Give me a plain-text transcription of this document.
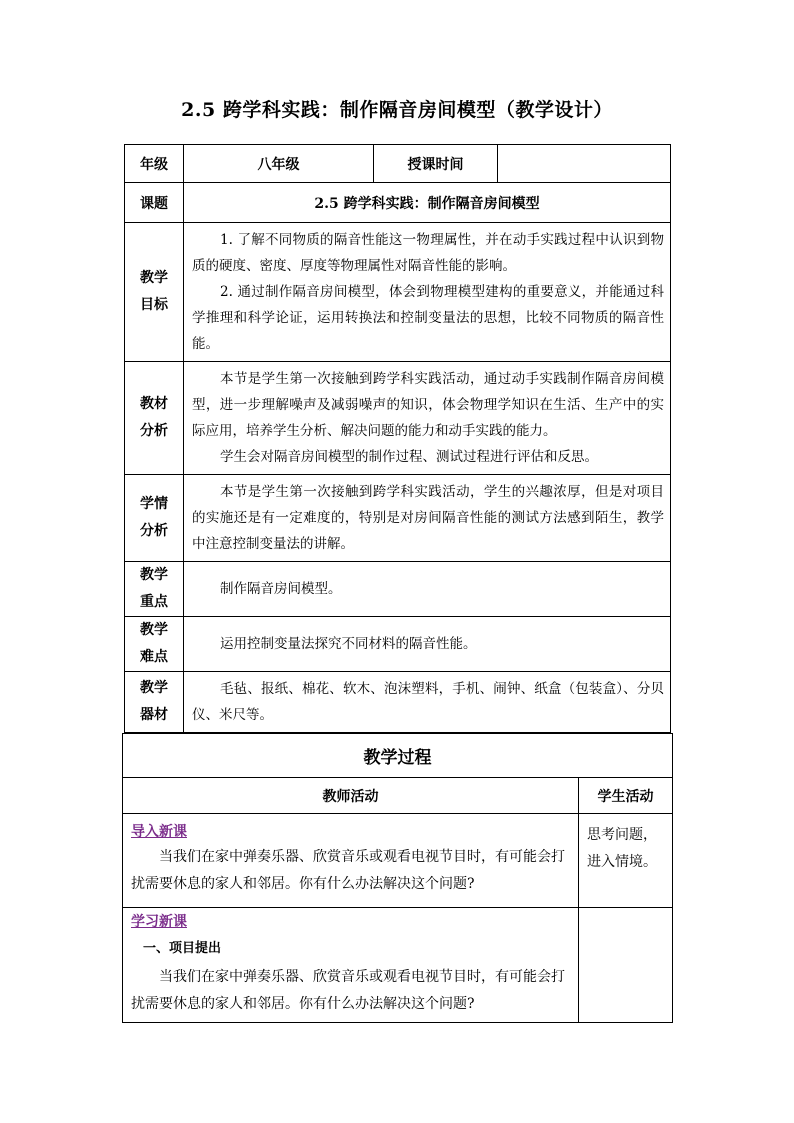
2.5 跨学科实践：制作隔音房间模型（教学设计）
年级	八年级	授课时间	
课题	2.5 跨学科实践：制作隔音房间模型		

教学目标	1. 了解不同物质的隔音性能这一物理属性，并在动手实践过程中认识到物质的硬度、密度、厚度等物理属性对隔音性能的影响。
2. 通过制作隔音房间模型，体会到物理模型建构的重要意义，并能通过科学推理和科学论证，运用转换法和控制变量法的思想，比较不同物质的隔音性能。		

教材分析	本节是学生第一次接触到跨学科实践活动，通过动手实践制作隔音房间模型，进一步理解噪声及减弱噪声的知识，体会物理学知识在生活、生产中的实际应用，培养学生分析、解决问题的能力和动手实践的能力。
学生会对隔音房间模型的制作过程、测试过程进行评估和反思。		

学情分析	本节是学生第一次接触到跨学科实践活动，学生的兴趣浓厚，但是对项目的实施还是有一定难度的，特别是对房间隔音性能的测试方法感到陌生，教学中注意控制变量法的讲解。		

教学重点	制作隔音房间模型。		

教学难点	运用控制变量法探究不同材料的隔音性能。		

教学器材	毛毡、报纸、棉花、软木、泡沫塑料，手机、闹钟、纸盒（包装盒）、分贝仪、米尺等。		
教学过程	
教师活动	学生活动

导入新课
当我们在家中弹奏乐器、欣赏音乐或观看电视节目时，有可能会打扰需要休息的家人和邻居。你有什么办法解决这个问题?	思考问题，进入情境。

学习新课
一、项目提出
当我们在家中弹奏乐器、欣赏音乐或观看电视节目时，有可能会打扰需要休息的家人和邻居。你有什么办法解决这个问题?	
